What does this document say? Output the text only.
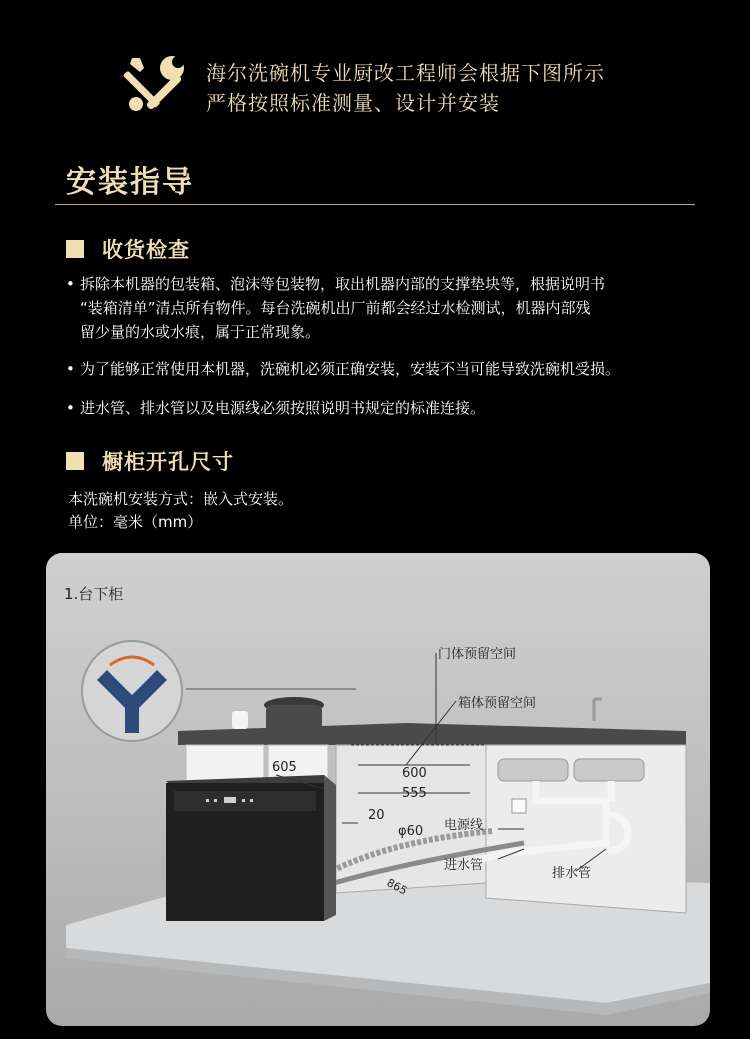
海尔洗碗机专业厨改工程师会根据下图所示
严格按照标准测量、设计并安装
安装指导
收货检查
• 拆除本机器的包装箱、泡沫等包装物，取出机器内部的支撑垫块等，根据说明书
“装箱清单”清点所有物件。每台洗碗机出厂前都会经过水检测试，机器内部残
留少量的水或水痕，属于正常现象。
• 为了能够正常使用本机器，洗碗机必须正确安装，安装不当可能导致洗碗机受损。
• 进水管、排水管以及电源线必须按照说明书规定的标准连接。
橱柜开孔尺寸
本洗碗机安装方式：嵌入式安装。
单位：毫米（mm）
门体预留空间
箱体预留空间
电源线
进水管
排水管
605	600
555
20
φ60
865
1.台下柜
